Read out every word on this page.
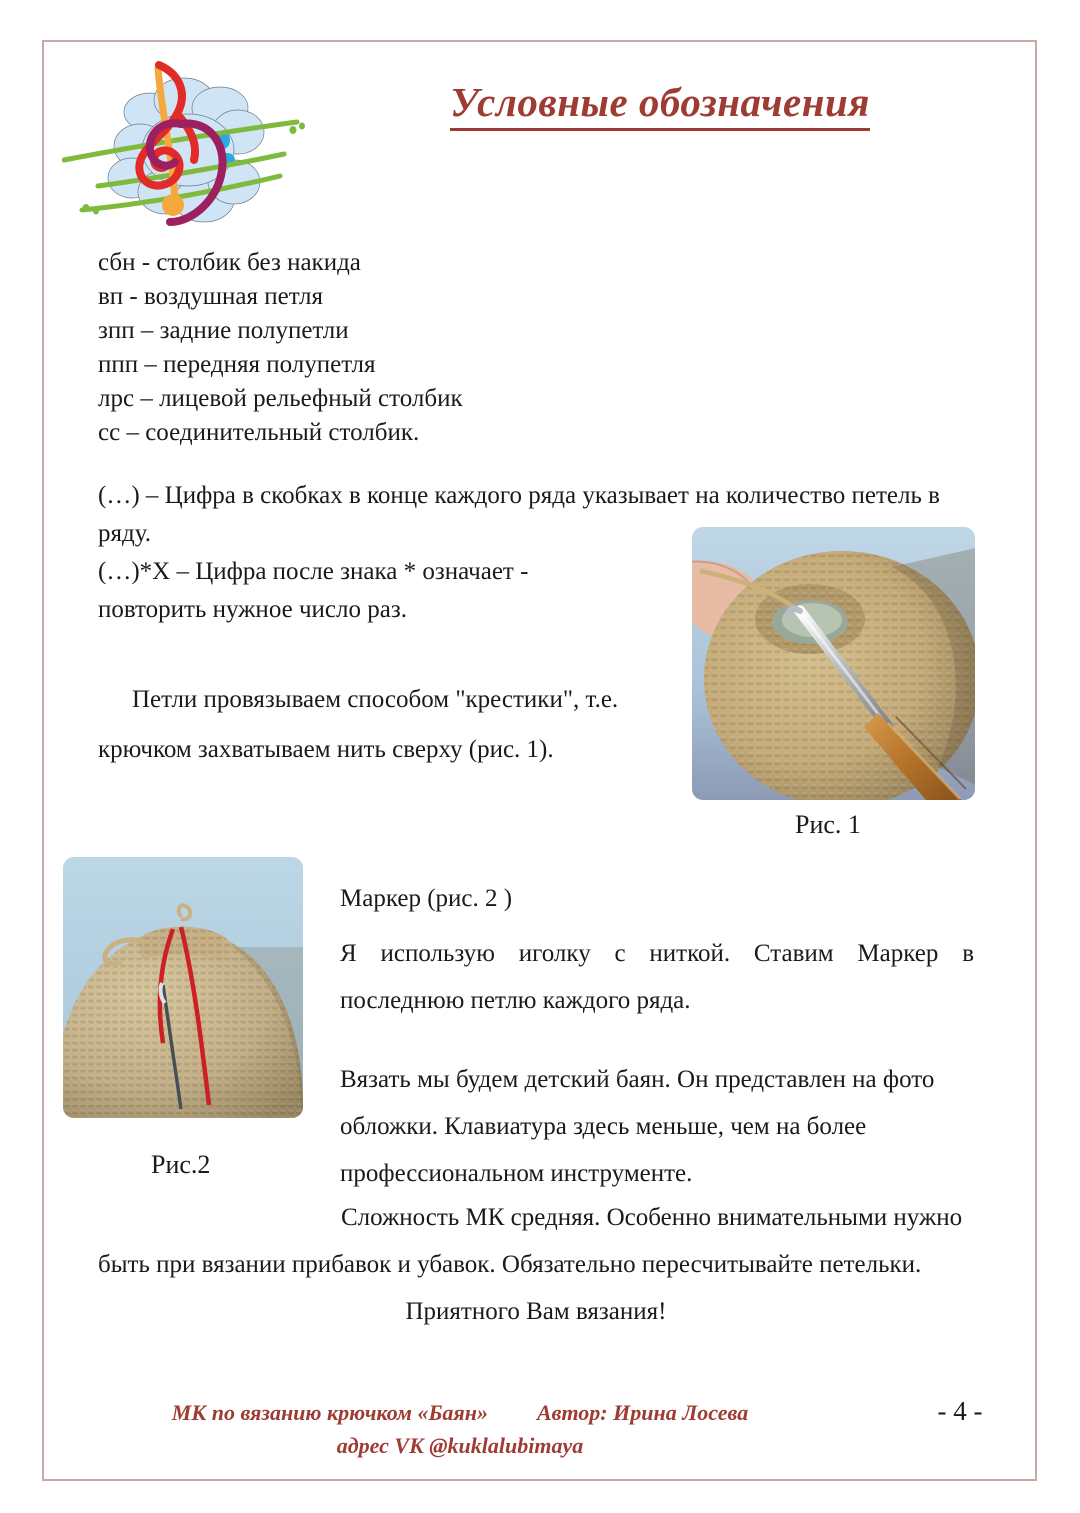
Условные обозначения
сбн - столбик без накида
вп - воздушная петля
зпп – задние полупетли
ппп – передняя полупетля
лрс – лицевой рельефный столбик
сс – соединительный столбик.
(…) – Цифра в скобках в конце каждого ряда указывает на количество петель в
ряду.
(…)*X – Цифра после знака * означает -
повторить нужное число раз.

Петли провязываем способом "крестики", т.е.

крючком захватываем нить сверху (рис. 1).

Рис. 1
Рис.2

Маркер (рис. 2 )

Я использую иголку с ниткой. Ставим Маркер в последнюю петлю каждого ряда.

Вязать мы будем детский баян. Он представлен на фото

обложки. Клавиатура здесь меньше, чем на более

профессиональном инструменте.

Сложность МК средняя. Особенно внимательными нужно

быть при вязании прибавок и убавок. Обязательно пересчитывайте петельки.

Приятного Вам вязания!

МК по вязанию крючком «Баян» Автор: Ирина Лосева
адрес VK @kuklalubimaya
- 4 -
